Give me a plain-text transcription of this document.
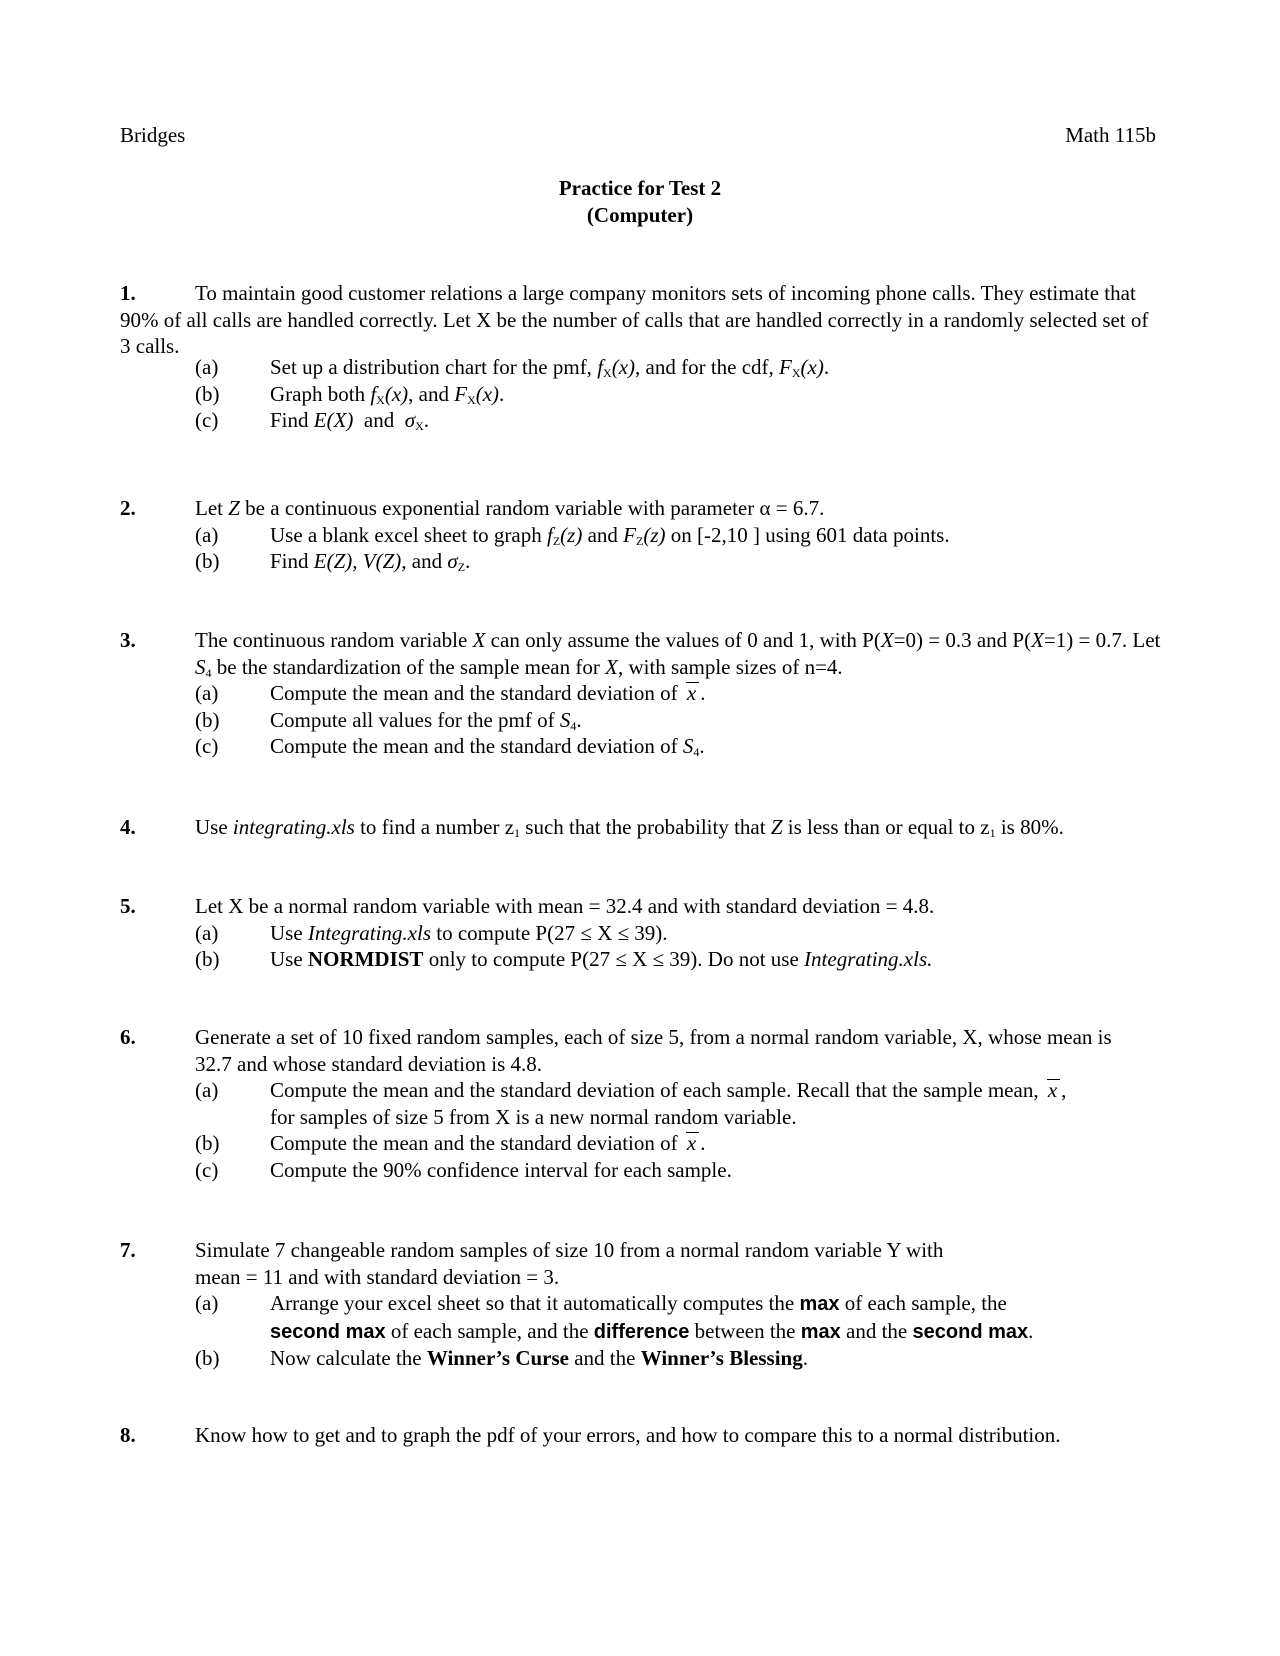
Bridges	Math 115b
Practice for Test 2
(Computer)
1.	To maintain good customer relations a large company monitors sets of incoming phone calls. They estimate that 90% of all calls are handled correctly. Let X be the number of calls that are handled correctly in a randomly selected set of 3 calls.
(a) Set up a distribution chart for the pmf, $f_X(x)$, and for the cdf, $F_X(x)$.
(b) Graph both $f_X(x)$, and $F_X(x)$.
(c) Find E(X) and $\sigma_X$.
2.	Let Z be a continuous exponential random variable with parameter α = 6.7.
(a) Use a blank excel sheet to graph $f_Z(z)$ and $F_Z(z)$ on [-2,10 ] using 601 data points.
(b) Find E(Z), V(Z), and $\sigma_Z$.
3.	The continuous random variable X can only assume the values of 0 and 1, with P(X=0) = 0.3 and P(X=1) = 0.7. Let $S_4$ be the standardization of the sample mean for X, with sample sizes of n=4.
(a) Compute the mean and the standard deviation of x .
(b) Compute all values for the pmf of $S_4$.
(c) Compute the mean and the standard deviation of $S_4$.
4.	Use integrating.xls to find a number $z_1$ such that the probability that Z is less than or equal to $z_1$ is 80%.
5.	Let X be a normal random variable with mean = 32.4 and with standard deviation = 4.8.
(a) Use Integrating.xls to compute P(27 ≤ X ≤ 39).
(b) Use NORMDIST only to compute P(27 ≤ X ≤ 39). Do not use Integrating.xls.
6.	Generate a set of 10 fixed random samples, each of size 5, from a normal random variable, X, whose mean is 32.7 and whose standard deviation is 4.8.
(a) Compute the mean and the standard deviation of each sample. Recall that the sample mean, x ,
for samples of size 5 from X is a new normal random variable.
(b) Compute the mean and the standard deviation of x .
(c) Compute the 90% confidence interval for each sample.
7.	Simulate 7 changeable random samples of size 10 from a normal random variable Y with
mean = 11 and with standard deviation = 3.
(a) Arrange your excel sheet so that it automatically computes the max of each sample, the
second max of each sample, and the difference between the max and the second max.
(b) Now calculate the Winner’s Curse and the Winner’s Blessing.
8.	Know how to get and to graph the pdf of your errors, and how to compare this to a normal distribution.
